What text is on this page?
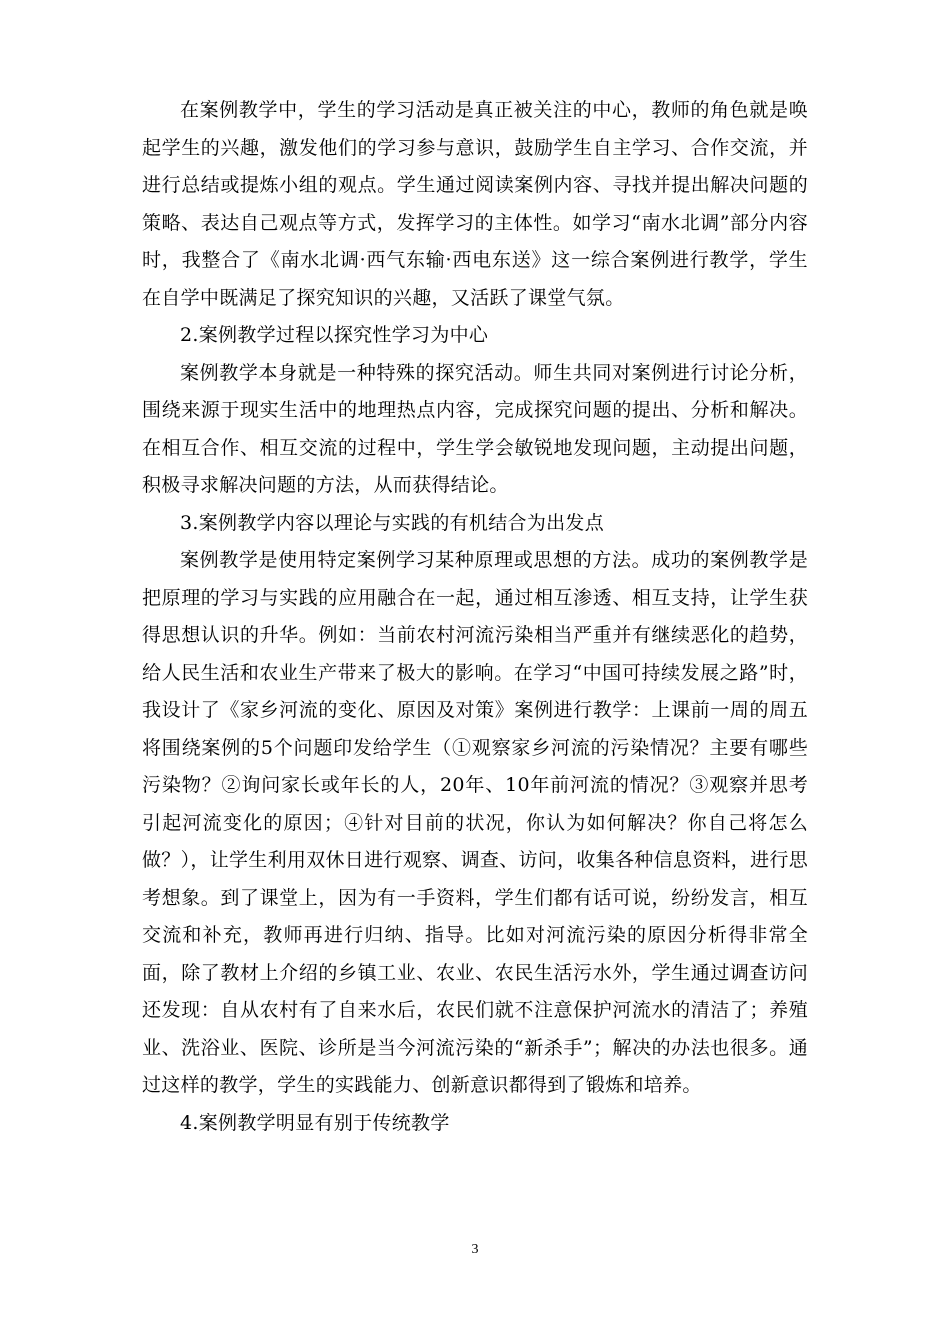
在案例教学中，学生的学习活动是真正被关注的中心，教师的角色就是唤起学生的兴趣，激发他们的学习参与意识，鼓励学生自主学习、合作交流，并进行总结或提炼小组的观点。学生通过阅读案例内容、寻找并提出解决问题的策略、表达自己观点等方式，发挥学习的主体性。如学习“南水北调”部分内容时，我整合了《南水北调·西气东输·西电东送》这一综合案例进行教学，学生在自学中既满足了探究知识的兴趣，又活跃了课堂气氛。

2.案例教学过程以探究性学习为中心

案例教学本身就是一种特殊的探究活动。师生共同对案例进行讨论分析，围绕来源于现实生活中的地理热点内容，完成探究问题的提出、分析和解决。在相互合作、相互交流的过程中，学生学会敏锐地发现问题，主动提出问题，积极寻求解决问题的方法，从而获得结论。

3.案例教学内容以理论与实践的有机结合为出发点

案例教学是使用特定案例学习某种原理或思想的方法。成功的案例教学是把原理的学习与实践的应用融合在一起，通过相互渗透、相互支持，让学生获得思想认识的升华。例如：当前农村河流污染相当严重并有继续恶化的趋势，给人民生活和农业生产带来了极大的影响。在学习“中国可持续发展之路”时，我设计了《家乡河流的变化、原因及对策》案例进行教学：上课前一周的周五将围绕案例的5个问题印发给学生（①观察家乡河流的污染情况？主要有哪些污染物？②询问家长或年长的人，20年、10年前河流的情况？③观察并思考引起河流变化的原因；④针对目前的状况，你认为如何解决？你自己将怎么做？），让学生利用双休日进行观察、调查、访问，收集各种信息资料，进行思考想象。到了课堂上，因为有一手资料，学生们都有话可说，纷纷发言，相互交流和补充，教师再进行归纳、指导。比如对河流污染的原因分析得非常全面，除了教材上介绍的乡镇工业、农业、农民生活污水外，学生通过调查访问还发现：自从农村有了自来水后，农民们就不注意保护河流水的清洁了；养殖业、洗浴业、医院、诊所是当今河流污染的“新杀手”；解决的办法也很多。通过这样的教学，学生的实践能力、创新意识都得到了锻炼和培养。

4.案例教学明显有别于传统教学

3
